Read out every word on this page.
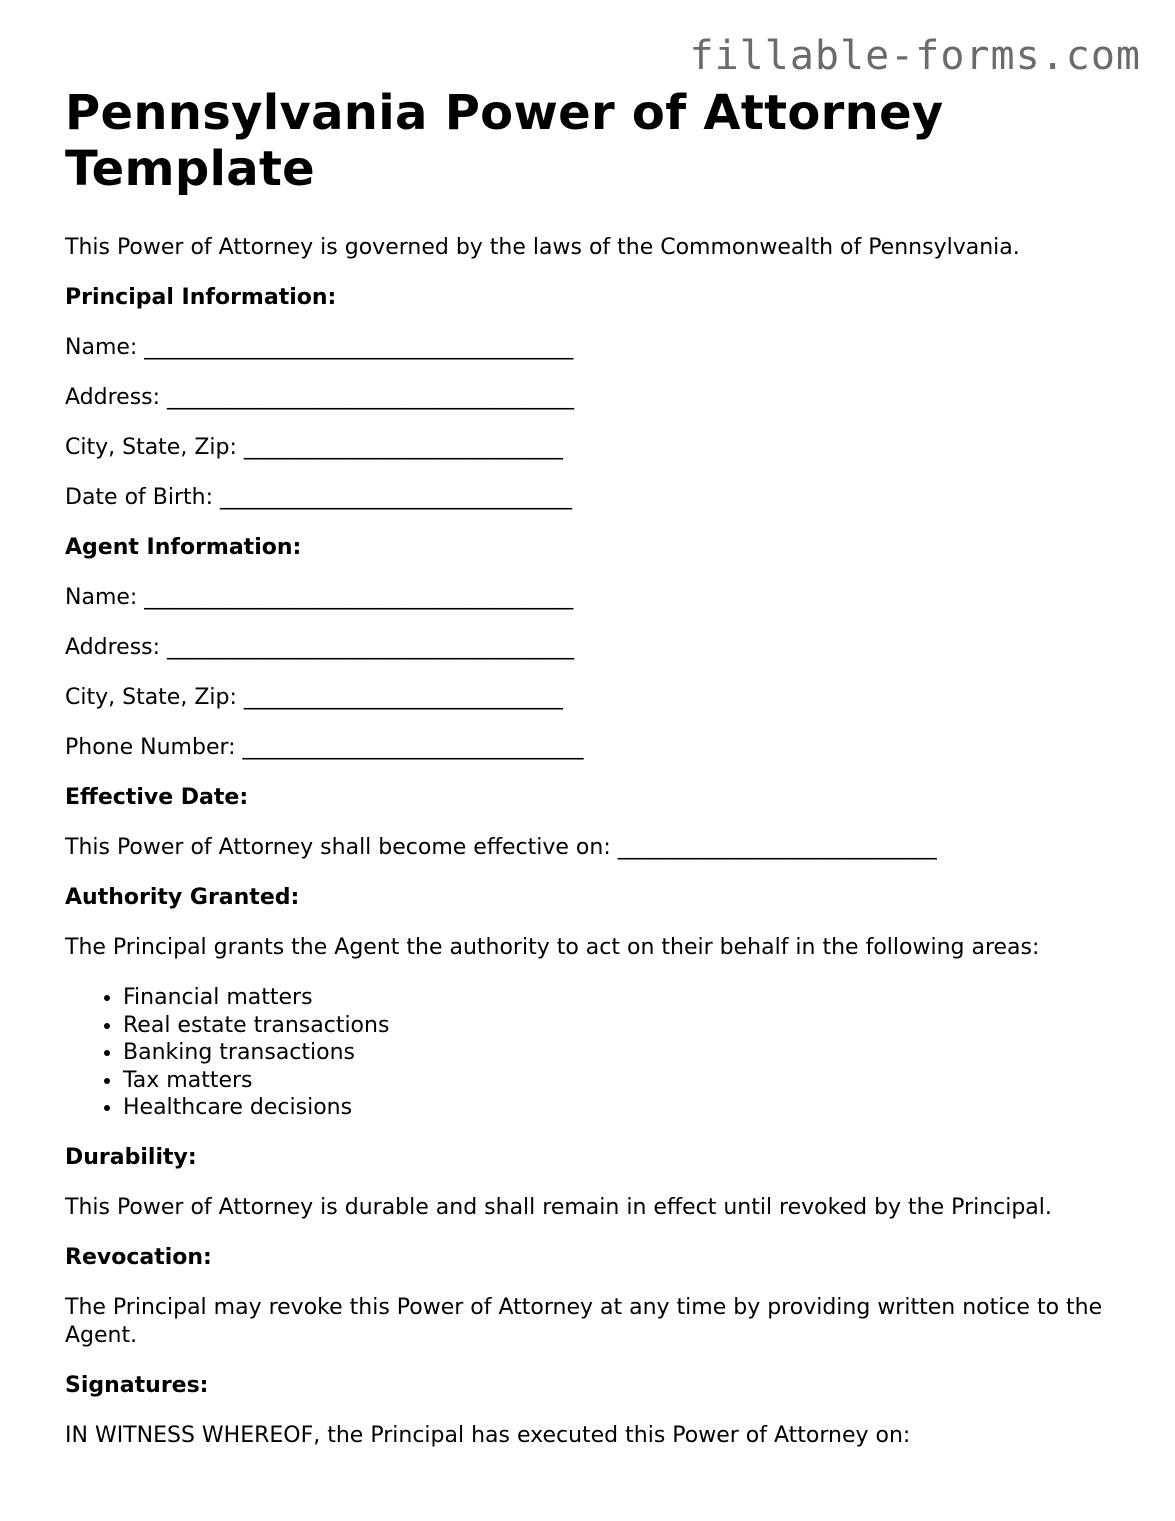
fillable-forms.com
Pennsylvania Power of Attorney
Template

This Power of Attorney is governed by the laws of the Commonwealth of Pennsylvania.

Principal Information:

Name: _______________________________________

Address: _____________________________________

City, State, Zip: _____________________________

Date of Birth: ________________________________

Agent Information:

Name: _______________________________________

Address: _____________________________________

City, State, Zip: _____________________________

Phone Number: _______________________________

Effective Date:

This Power of Attorney shall become effective on: _____________________________

Authority Granted:

The Principal grants the Agent the authority to act on their behalf in the following areas:

• Financial matters
• Real estate transactions
• Banking transactions
• Tax matters
• Healthcare decisions

Durability:

This Power of Attorney is durable and shall remain in effect until revoked by the Principal.

Revocation:

The Principal may revoke this Power of Attorney at any time by providing written notice to the Agent.

Signatures:

IN WITNESS WHEREOF, the Principal has executed this Power of Attorney on:
